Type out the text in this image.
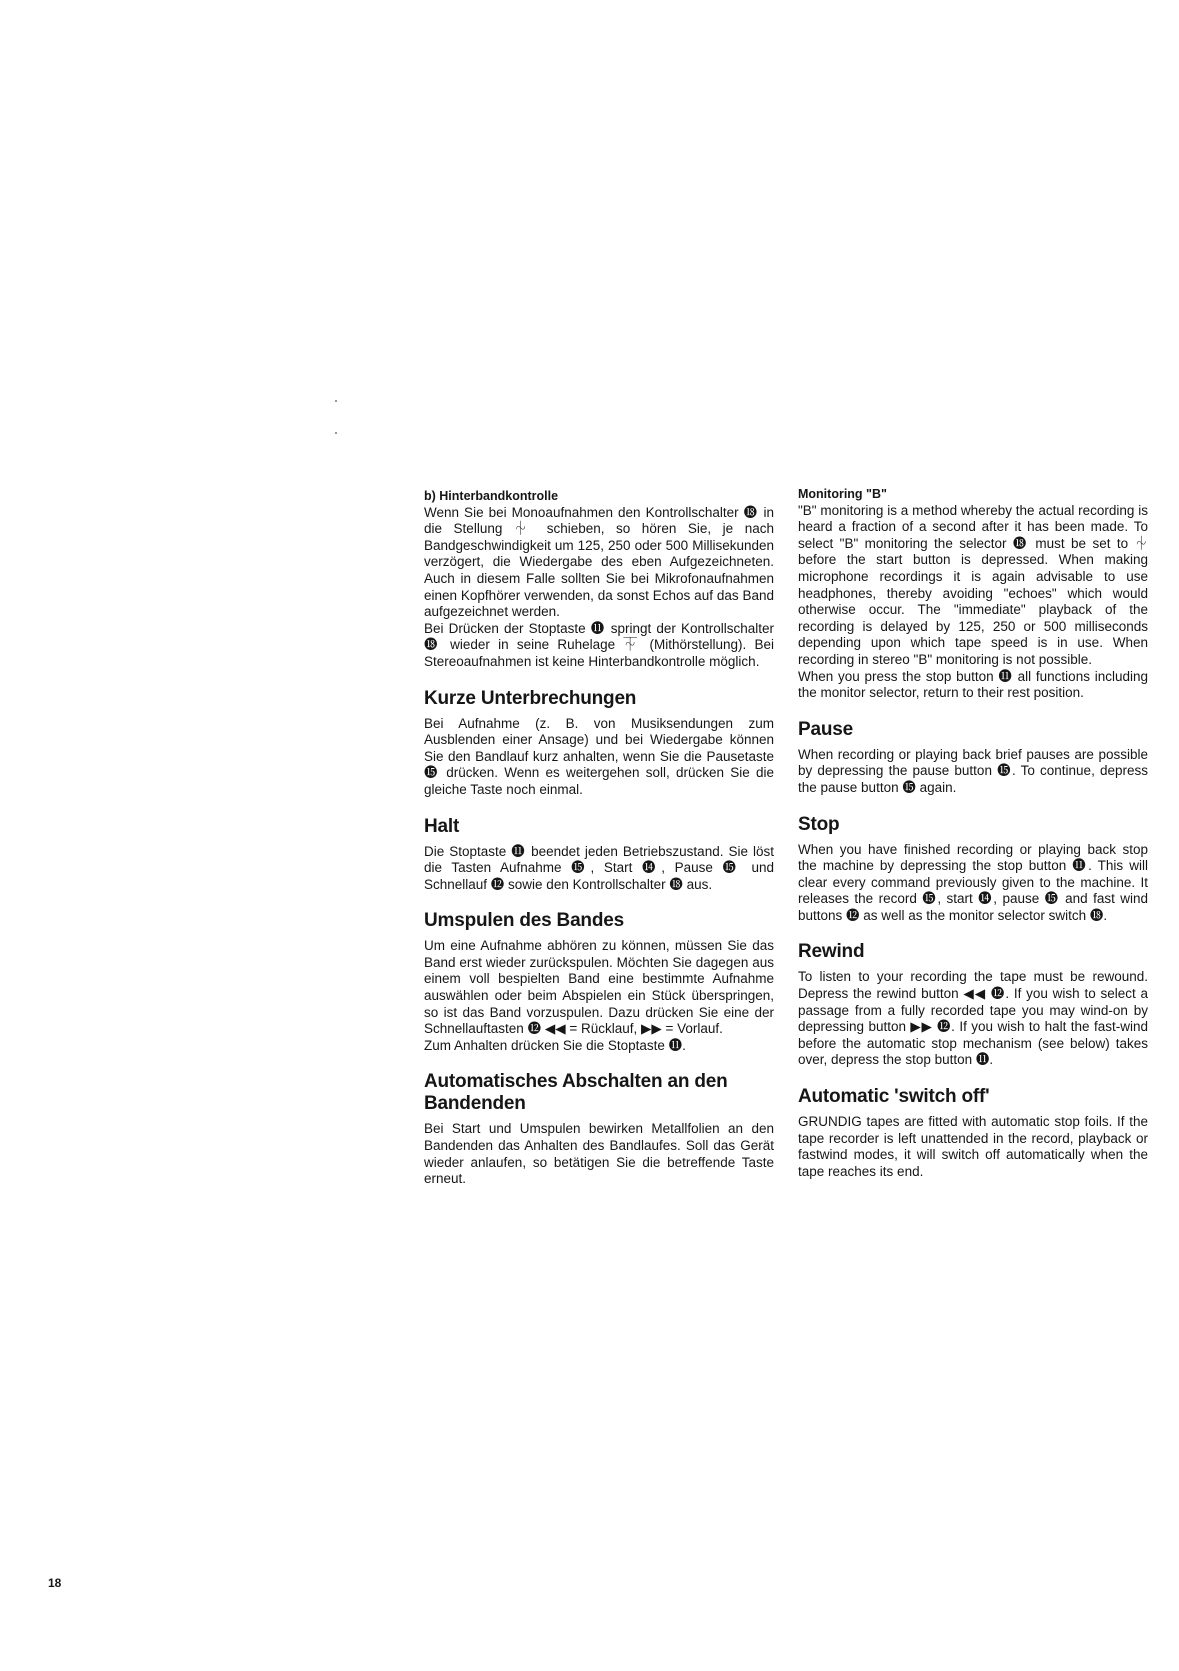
b) Hinterbandkontrolle

Wenn Sie bei Monoaufnahmen den Kontrollschalter ⓲ in die Stellung ⏆ schieben, so hören Sie, je nach Bandgeschwindigkeit um 125, 250 oder 500 Millisekunden verzögert, die Wiedergabe des eben Aufgezeichneten. Auch in diesem Falle sollten Sie bei Mikrofonaufnahmen einen Kopfhörer verwenden, da sonst Echos auf das Band aufgezeichnet werden.

Bei Drücken der Stoptaste ⓫ springt der Kontrollschalter ⓲ wieder in seine Ruhelage ⏇ (Mithörstellung). Bei Stereoaufnahmen ist keine Hinterbandkontrolle möglich.

Kurze Unterbrechungen

Bei Aufnahme (z. B. von Musiksendungen zum Ausblenden einer Ansage) und bei Wiedergabe können Sie den Bandlauf kurz anhalten, wenn Sie die Pausetaste ⓯ drücken. Wenn es weitergehen soll, drücken Sie die gleiche Taste noch einmal.

Halt

Die Stoptaste ⓫ beendet jeden Betriebszustand. Sie löst die Tasten Aufnahme ⓯, Start ⓮, Pause ⓯ und Schnellauf ⓬ sowie den Kontrollschalter ⓲ aus.

Umspulen des Bandes

Um eine Aufnahme abhören zu können, müssen Sie das Band erst wieder zurückspulen. Möchten Sie dagegen aus einem voll bespielten Band eine bestimmte Aufnahme auswählen oder beim Abspielen ein Stück überspringen, so ist das Band vorzuspulen. Dazu drücken Sie eine der Schnellauftasten ⓬ ◀◀ = Rücklauf, ▶▶ = Vorlauf.

Zum Anhalten drücken Sie die Stoptaste ⓫.

Automatisches Abschalten an den Bandenden

Bei Start und Umspulen bewirken Metallfolien an den Bandenden das Anhalten des Bandlaufes. Soll das Gerät wieder anlaufen, so betätigen Sie die betreffende Taste erneut.

Monitoring "B"

"B" monitoring is a method whereby the actual recording is heard a fraction of a second after it has been made. To select "B" monitoring the selector ⓲ must be set to ⏆ before the start button is depressed. When making microphone recordings it is again advisable to use headphones, thereby avoiding "echoes" which would otherwise occur. The "immediate" playback of the recording is delayed by 125, 250 or 500 milliseconds depending upon which tape speed is in use. When recording in stereo "B" monitoring is not possible.

When you press the stop button ⓫ all functions including the monitor selector, return to their rest position.

Pause

When recording or playing back brief pauses are possible by depressing the pause button ⓯. To continue, depress the pause button ⓯ again.

Stop

When you have finished recording or playing back stop the machine by depressing the stop button ⓫. This will clear every command previously given to the machine. It releases the record ⓯, start ⓮, pause ⓯ and fast wind buttons ⓬ as well as the monitor selector switch ⓲.

Rewind

To listen to your recording the tape must be rewound. Depress the rewind button ◀◀ ⓬. If you wish to select a passage from a fully recorded tape you may wind-on by depressing button ▶▶ ⓬. If you wish to halt the fast-wind before the automatic stop mechanism (see below) takes over, depress the stop button ⓫.

Automatic 'switch off'

GRUNDIG tapes are fitted with automatic stop foils. If the tape recorder is left unattended in the record, playback or fastwind modes, it will switch off automatically when the tape reaches its end.

18
